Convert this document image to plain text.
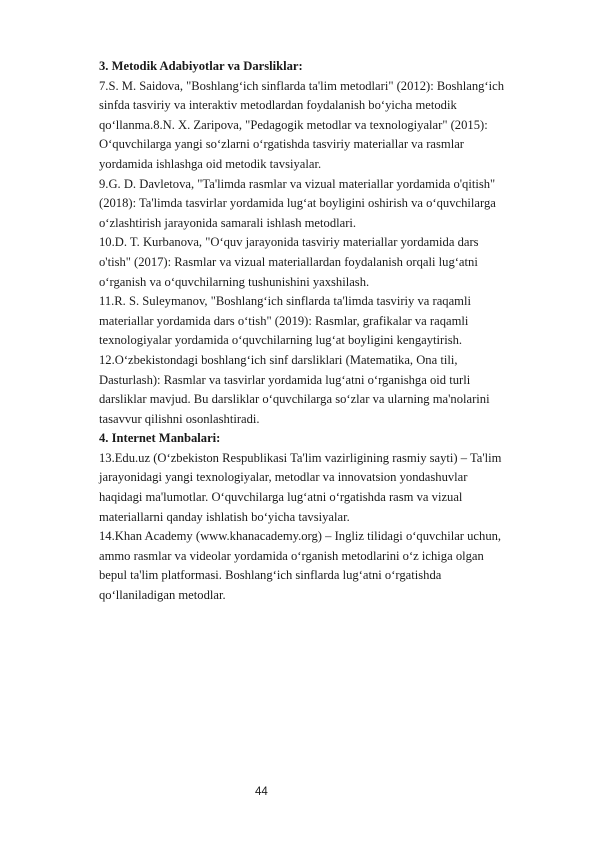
3. Metodik Adabiyotlar va Darsliklar:
7.S. M. Saidova, "Boshlang‘ich sinflarda ta'lim metodlari" (2012): Boshlang‘ich
sinfda tasviriy va interaktiv metodlardan foydalanish bo‘yicha metodik
qo‘llanma.8.N. X. Zaripova, "Pedagogik metodlar va texnologiyalar" (2015):
O‘quvchilarga yangi so‘zlarni o‘rgatishda tasviriy materiallar va rasmlar
yordamida ishlashga oid metodik tavsiyalar.
9.G. D. Davletova, "Ta'limda rasmlar va vizual materiallar yordamida o'qitish"
(2018): Ta'limda tasvirlar yordamida lug‘at boyligini oshirish va o‘quvchilarga
o‘zlashtirish jarayonida samarali ishlash metodlari.
10.D. T. Kurbanova, "O‘quv jarayonida tasviriy materiallar yordamida dars
o'tish" (2017): Rasmlar va vizual materiallardan foydalanish orqali lug‘atni
o‘rganish va o‘quvchilarning tushunishini yaxshilash.
11.R. S. Suleymanov, "Boshlang‘ich sinflarda ta'limda tasviriy va raqamli
materiallar yordamida dars o‘tish" (2019): Rasmlar, grafikalar va raqamli
texnologiyalar yordamida o‘quvchilarning lug‘at boyligini kengaytirish.
12.O‘zbekistondagi boshlang‘ich sinf darsliklari (Matematika, Ona tili,
Dasturlash): Rasmlar va tasvirlar yordamida lug‘atni o‘rganishga oid turli
darsliklar mavjud. Bu darsliklar o‘quvchilarga so‘zlar va ularning ma'nolarini
tasavvur qilishni osonlashtiradi.
4. Internet Manbalari:
13.Edu.uz (O‘zbekiston Respublikasi Ta'lim vazirligining rasmiy sayti) – Ta'lim
jarayonidagi yangi texnologiyalar, metodlar va innovatsion yondashuvlar
haqidagi ma'lumotlar. O‘quvchilarga lug‘atni o‘rgatishda rasm va vizual
materiallarni qanday ishlatish bo‘yicha tavsiyalar.
14.Khan Academy (www.khanacademy.org) – Ingliz tilidagi o‘quvchilar uchun,
ammo rasmlar va videolar yordamida o‘rganish metodlarini o‘z ichiga olgan
bepul ta'lim platformasi. Boshlang‘ich sinflarda lug‘atni o‘rgatishda
qo‘llaniladigan metodlar.
44
